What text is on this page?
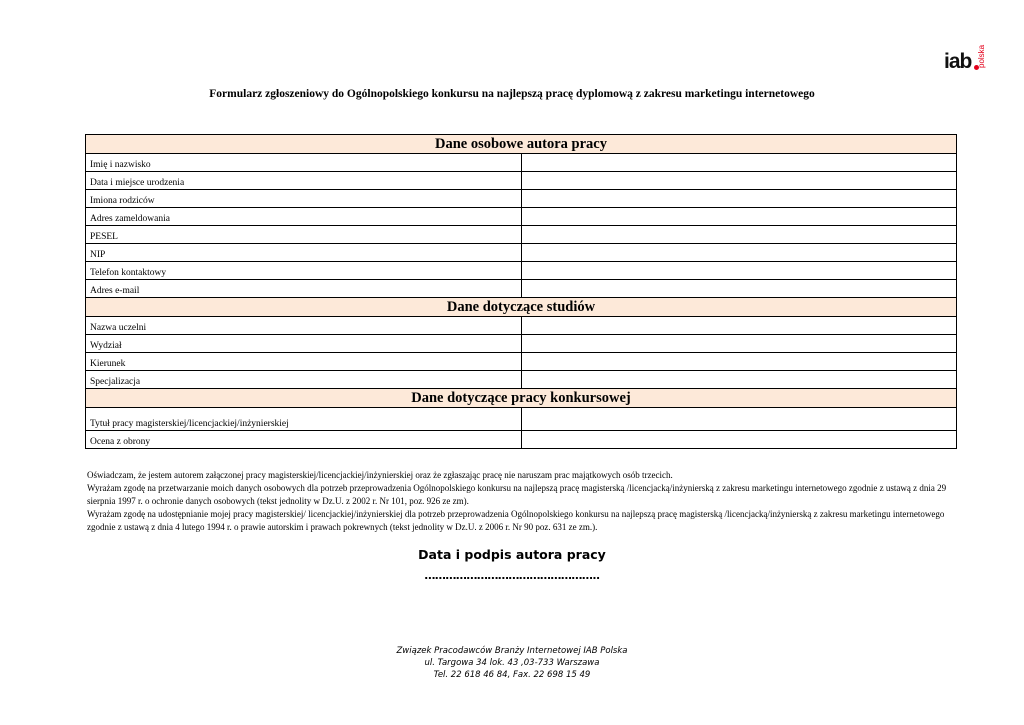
iab polska
Formularz zgłoszeniowy do Ogólnopolskiego konkursu na najlepszą pracę dyplomową z zakresu marketingu internetowego
Dane osobowe autora pracy	
Imię i nazwisko	
Data i miejsce urodzenia	
Imiona rodziców	
Adres zameldowania	
PESEL	
NIP	
Telefon kontaktowy	
Adres e-mail	
Dane dotyczące studiów	
Nazwa uczelni	
Wydział	
Kierunek	
Specjalizacja	
Dane dotyczące pracy konkursowej	
Tytuł pracy magisterskiej/licencjackiej/inżynierskiej	
Ocena z obrony	

Oświadczam, że jestem autorem załączonej pracy magisterskiej/licencjackiej/inżynierskiej oraz że zgłaszając pracę nie naruszam prac majątkowych osób trzecich.

Wyrażam zgodę na przetwarzanie moich danych osobowych dla potrzeb przeprowadzenia Ogólnopolskiego konkursu na najlepszą pracę magisterską /licencjacką/inżynierską z zakresu marketingu internetowego zgodnie z ustawą z dnia 29 sierpnia 1997 r. o ochronie danych osobowych (tekst jednolity w Dz.U. z 2002 r. Nr 101, poz. 926 ze zm).

Wyrażam zgodę na udostępnianie mojej pracy magisterskiej/ licencjackiej/inżynierskiej dla potrzeb przeprowadzenia Ogólnopolskiego konkursu na najlepszą pracę magisterską /licencjacką/inżynierską z zakresu marketingu internetowego zgodnie z ustawą z dnia 4 lutego 1994 r. o prawie autorskim i prawach pokrewnych (tekst jednolity w Dz.U. z 2006 r. Nr 90 poz. 631 ze zm.).

Data i podpis autora pracy
…………………………………………..
Związek Pracodawców Branży Internetowej IAB Polska
ul. Targowa 34 lok. 43 ,03-733 Warszawa
Tel. 22 618 46 84, Fax. 22 698 15 49
